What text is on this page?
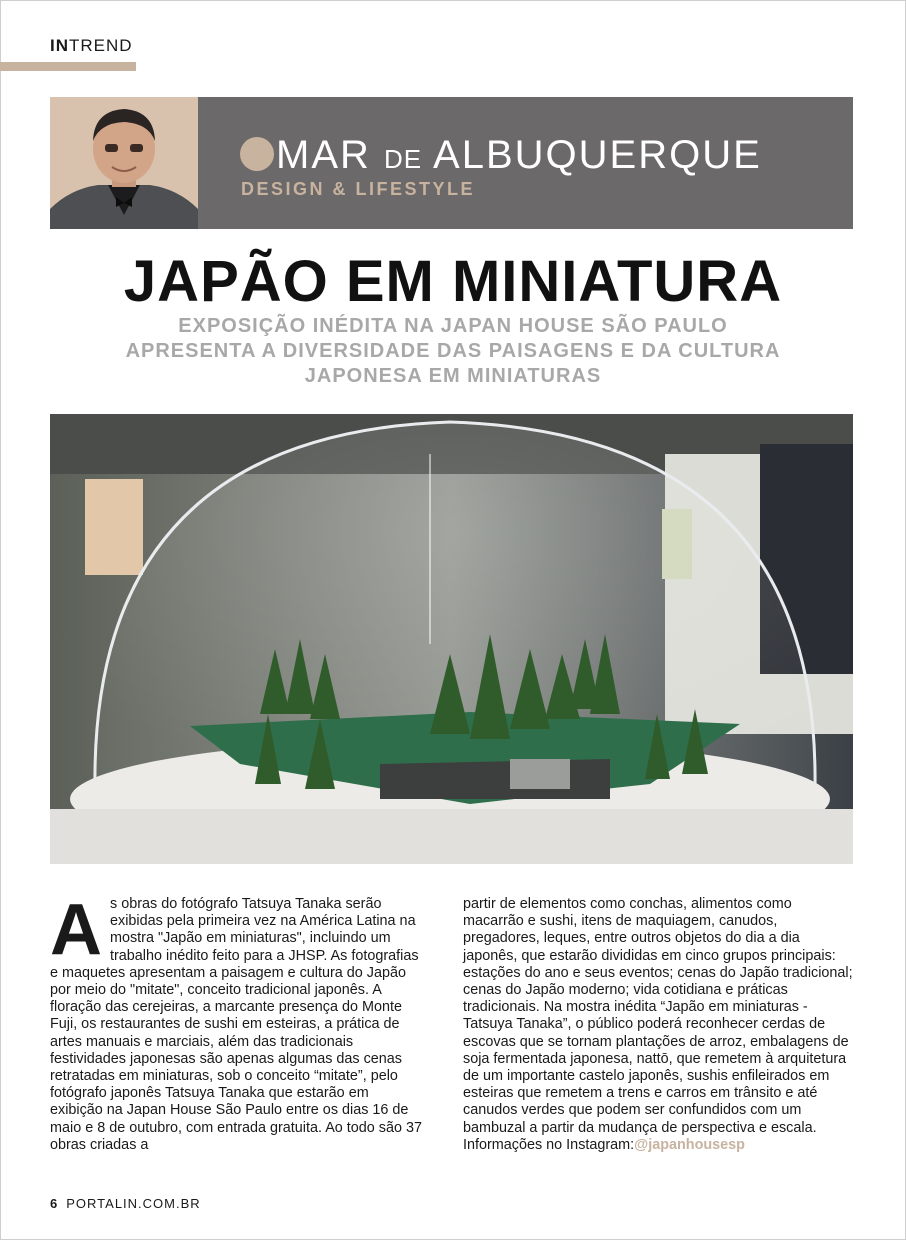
INTREND
MAR DE ALBUQUERQUE
DESIGN & LIFESTYLE
JAPÃO EM MINIATURA
EXPOSIÇÃO INÉDITA NA JAPAN HOUSE SÃO PAULO APRESENTA A DIVERSIDADE DAS PAISAGENS E DA CULTURA JAPONESA EM MINIATURAS
As obras do fotógrafo Tatsuya Tanaka serão exibidas pela primeira vez na América Latina na mostra "Japão em miniaturas", incluindo um trabalho inédito feito para a JHSP. As fotografias e maquetes apresentam a paisagem e cultura do Japão por meio do "mitate", conceito tradicional japonês. A floração das cerejeiras, a marcante presença do Monte Fuji, os restaurantes de sushi em esteiras, a prática de artes manuais e marciais, além das tradicionais festividades japonesas são apenas algumas das cenas retratadas em miniaturas, sob o conceito “mitate”, pelo fotógrafo japonês Tatsuya Tanaka que estarão em exibição na Japan House São Paulo entre os dias 16 de maio e 8 de outubro, com entrada gratuita. Ao todo são 37 obras criadas a
partir de elementos como conchas, alimentos como macarrão e sushi, itens de maquiagem, canudos, pregadores, leques, entre outros objetos do dia a dia japonês, que estarão divididas em cinco grupos principais: estações do ano e seus eventos; cenas do Japão tradicional; cenas do Japão moderno; vida cotidiana e práticas tradicionais. Na mostra inédita “Japão em miniaturas - Tatsuya Tanaka”, o público poderá reconhecer cerdas de escovas que se tornam plantações de arroz, embalagens de soja fermentada japonesa, nattō, que remetem à arquitetura de um importante castelo japonês, sushis enfileirados em esteiras que remetem a trens e carros em trânsito e até canudos verdes que podem ser confundidos com um bambuzal a partir da mudança de perspectiva e escala. Informações no Instagram:@japanhousesp
6 PORTALIN.COM.BR
